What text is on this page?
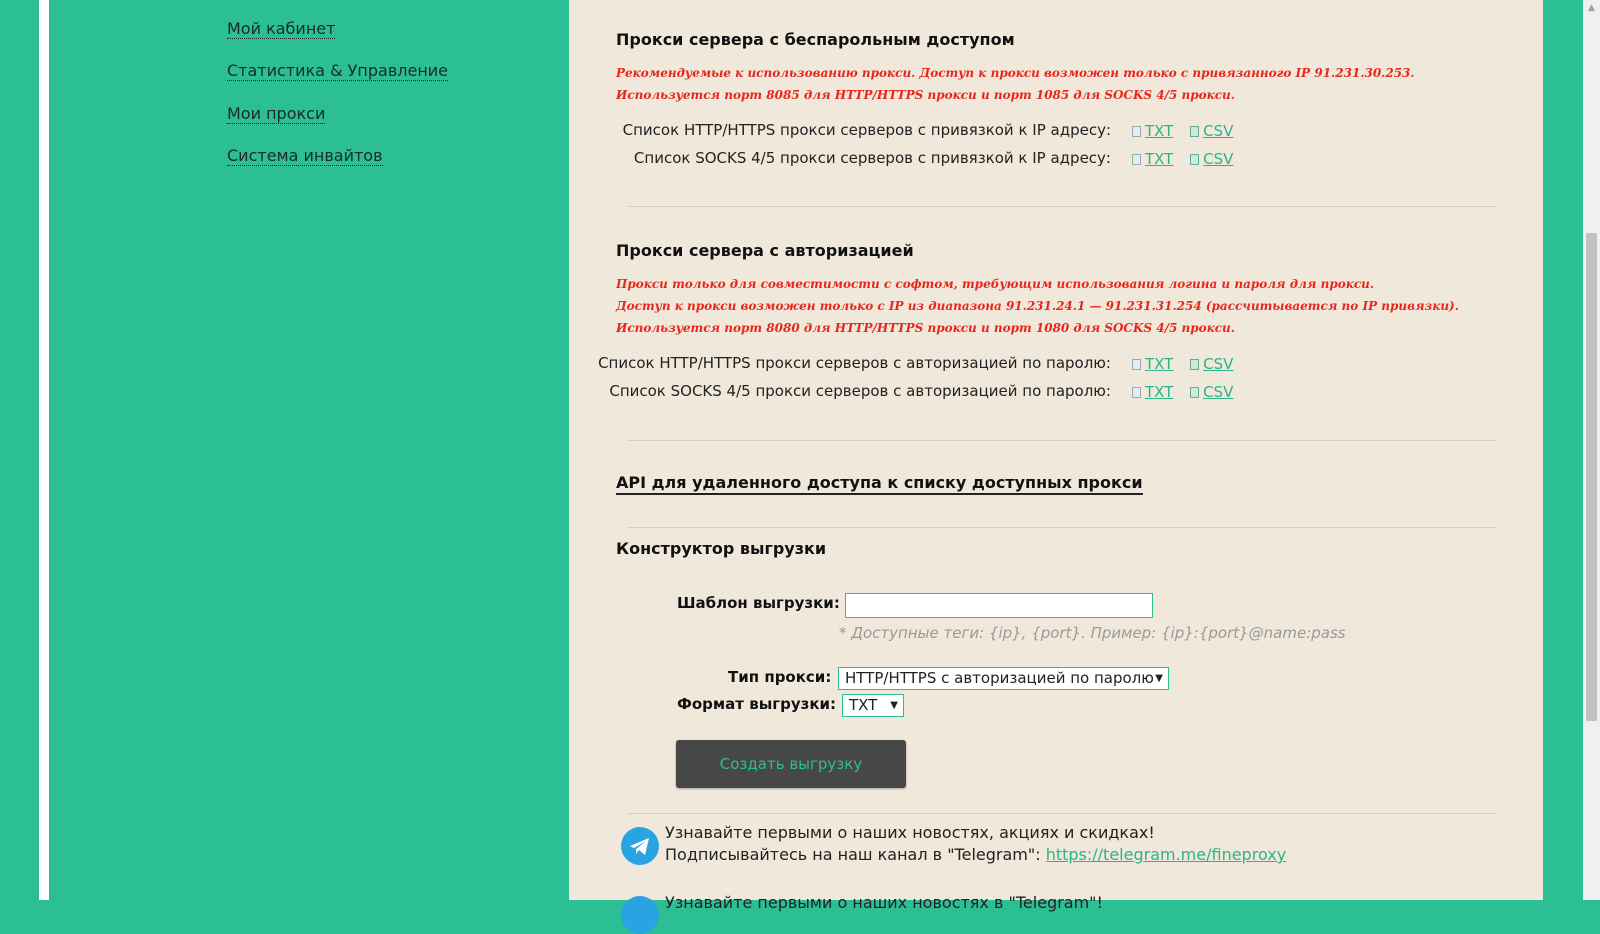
Мой кабинет
Статистика & Управление
Мои прокси
Система инвайтов
Прокси сервера с беспарольным доступом
Рекомендуемые к использованию прокси. Доступ к прокси возможен только с привязанного IP 91.231.30.253.
Используется порт 8085 для HTTP/HTTPS прокси и порт 1085 для SOCKS 4/5 прокси.
Список HTTP/HTTPS прокси серверов с привязкой к IP адресу: TXT
CSV
Список SOCKS 4/5 прокси серверов с привязкой к IP адресу: TXT
CSV
Прокси сервера с авторизацией
Прокси только для совместимости с софтом, требующим использования логина и пароля для прокси.
Доступ к прокси возможен только с IP из диапазона 91.231.24.1 — 91.231.31.254 (рассчитывается по IP привязки).
Используется порт 8080 для HTTP/HTTPS прокси и порт 1080 для SOCKS 4/5 прокси.
Список HTTP/HTTPS прокси серверов с авторизацией по паролю: TXT
CSV
Список SOCKS 4/5 прокси серверов с авторизацией по паролю: TXT
CSV
API для удаленного доступа к списку доступных прокси
Конструктор выгрузки
Шаблон выгрузки:
* Доступные теги: {ip}, {port}. Пример: {ip}:{port}@name:pass
Тип прокси: HTTP/HTTPS с авторизацией по паролю ▼
Формат выгрузки: TXT ▼
Создать выгрузку
Узнавайте первыми о наших новостях, акциях и скидках!
Подписывайтесь на наш канал в "Telegram": https://telegram.me/fineproxy
Узнавайте первыми о наших новостях в "Telegram"!
▲
